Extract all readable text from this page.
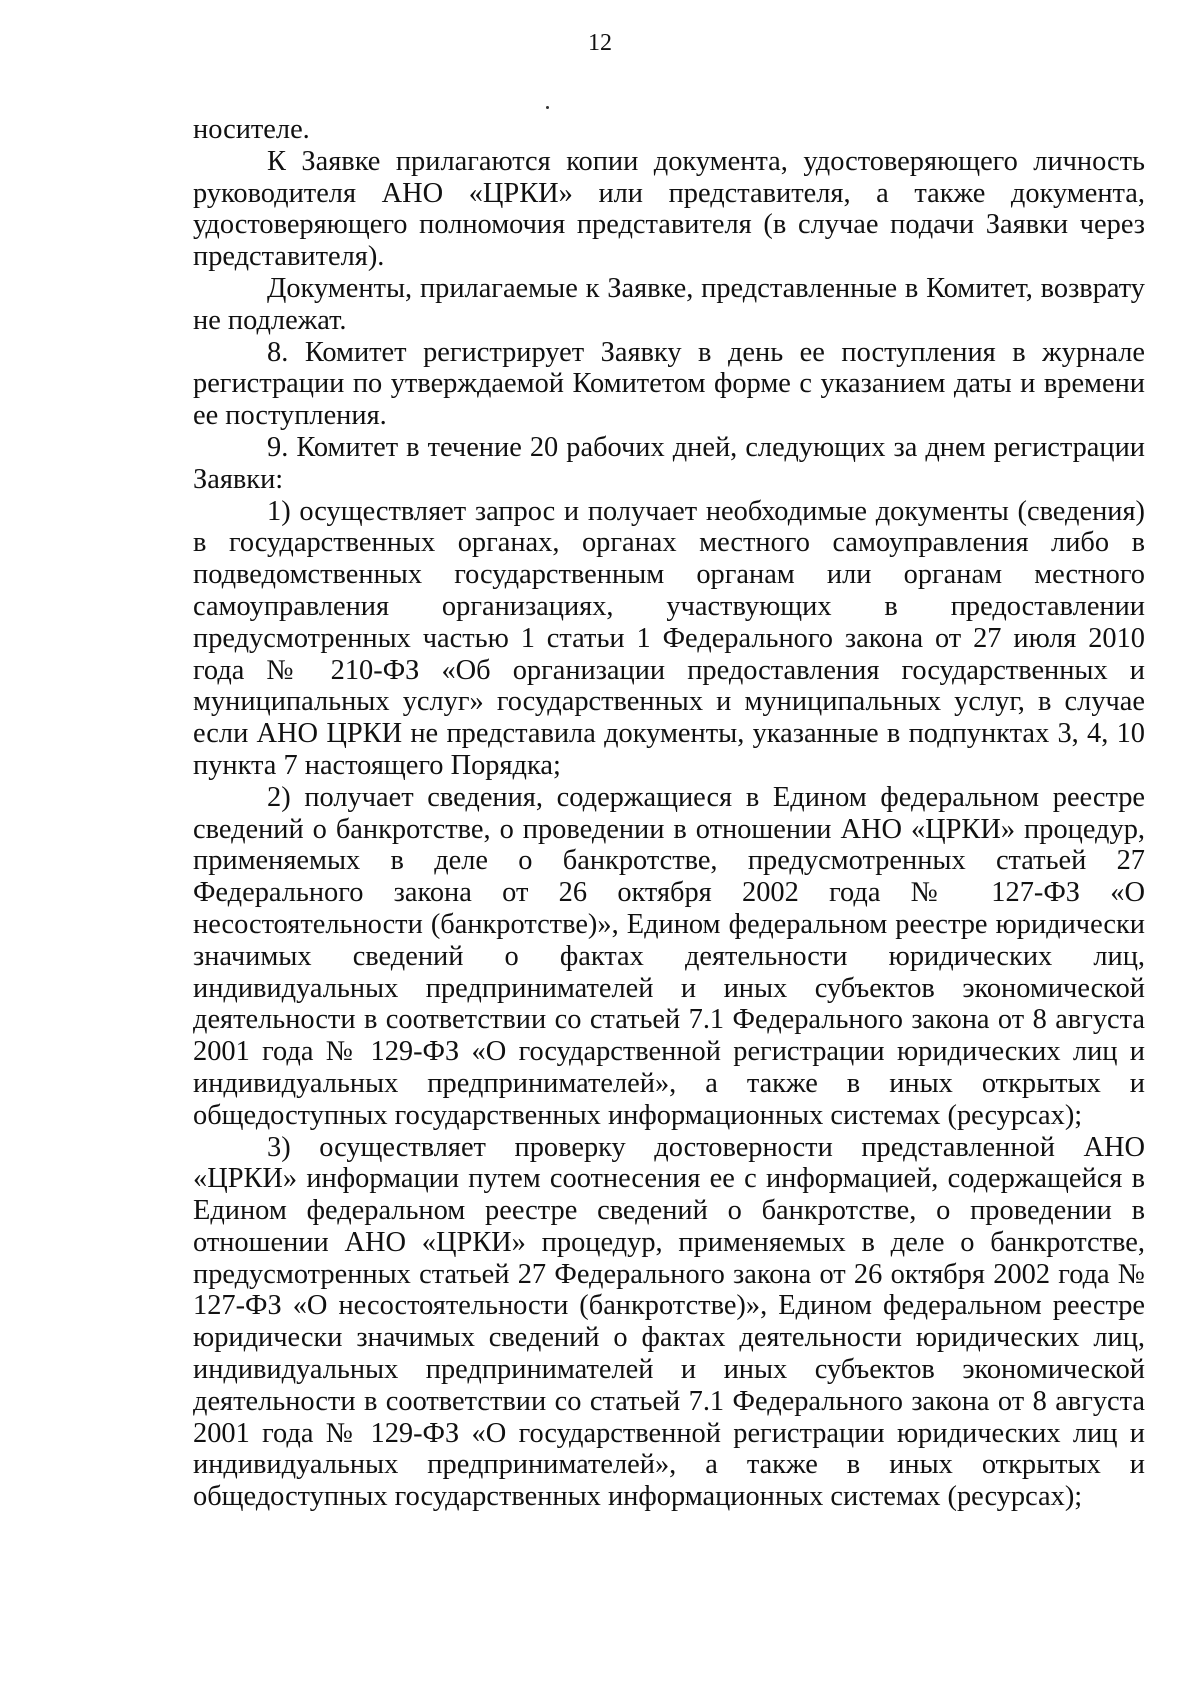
12

носителе.

К Заявке прилагаются копии документа, удостоверяющего личность руководителя АНО «ЦРКИ» или представителя, а также документа, удостоверяющего полномочия представителя (в случае подачи Заявки через представителя).

Документы, прилагаемые к Заявке, представленные в Комитет, возврату не подлежат.

8. Комитет регистрирует Заявку в день ее поступления в журнале регистрации по утверждаемой Комитетом форме с указанием даты и времени ее поступления.

9. Комитет в течение 20 рабочих дней, следующих за днем регистрации Заявки:

1) осуществляет запрос и получает необходимые документы (сведения) в государственных органах, органах местного самоуправления либо в подведомственных государственным органам или органам местного самоуправления организациях, участвующих в предоставлении предусмотренных частью 1 статьи 1 Федерального закона от 27 июля 2010 года № 210-ФЗ «Об организации предоставления государственных и муниципальных услуг» государственных и муниципальных услуг, в случае если АНО ЦРКИ не представила документы, указанные в подпунктах 3, 4, 10 пункта 7 настоящего Порядка;

2) получает сведения, содержащиеся в Едином федеральном реестре сведений о банкротстве, о проведении в отношении АНО «ЦРКИ» процедур, применяемых в деле о банкротстве, предусмотренных статьей 27 Федерального закона от 26 октября 2002 года № 127-ФЗ «О несостоятельности (банкротстве)», Едином федеральном реестре юридически значимых сведений о фактах деятельности юридических лиц, индивидуальных предпринимателей и иных субъектов экономической деятельности в соответствии со статьей 7.1 Федерального закона от 8 августа 2001 года № 129-ФЗ «О государственной регистрации юридических лиц и индивидуальных предпринимателей», а также в иных открытых и общедоступных государственных информационных системах (ресурсах);

3) осуществляет проверку достоверности представленной АНО «ЦРКИ» информации путем соотнесения ее с информацией, содержащейся в Едином федеральном реестре сведений о банкротстве, о проведении в отношении АНО «ЦРКИ» процедур, применяемых в деле о банкротстве, предусмотренных статьей 27 Федерального закона от 26 октября 2002 года № 127-ФЗ «О несостоятельности (банкротстве)», Едином федеральном реестре юридически значимых сведений о фактах деятельности юридических лиц, индивидуальных предпринимателей и иных субъектов экономической деятельности в соответствии со статьей 7.1 Федерального закона от 8 августа 2001 года № 129-ФЗ «О государственной регистрации юридических лиц и индивидуальных предпринимателей», а также в иных открытых и общедоступных государственных информационных системах (ресурсах);
